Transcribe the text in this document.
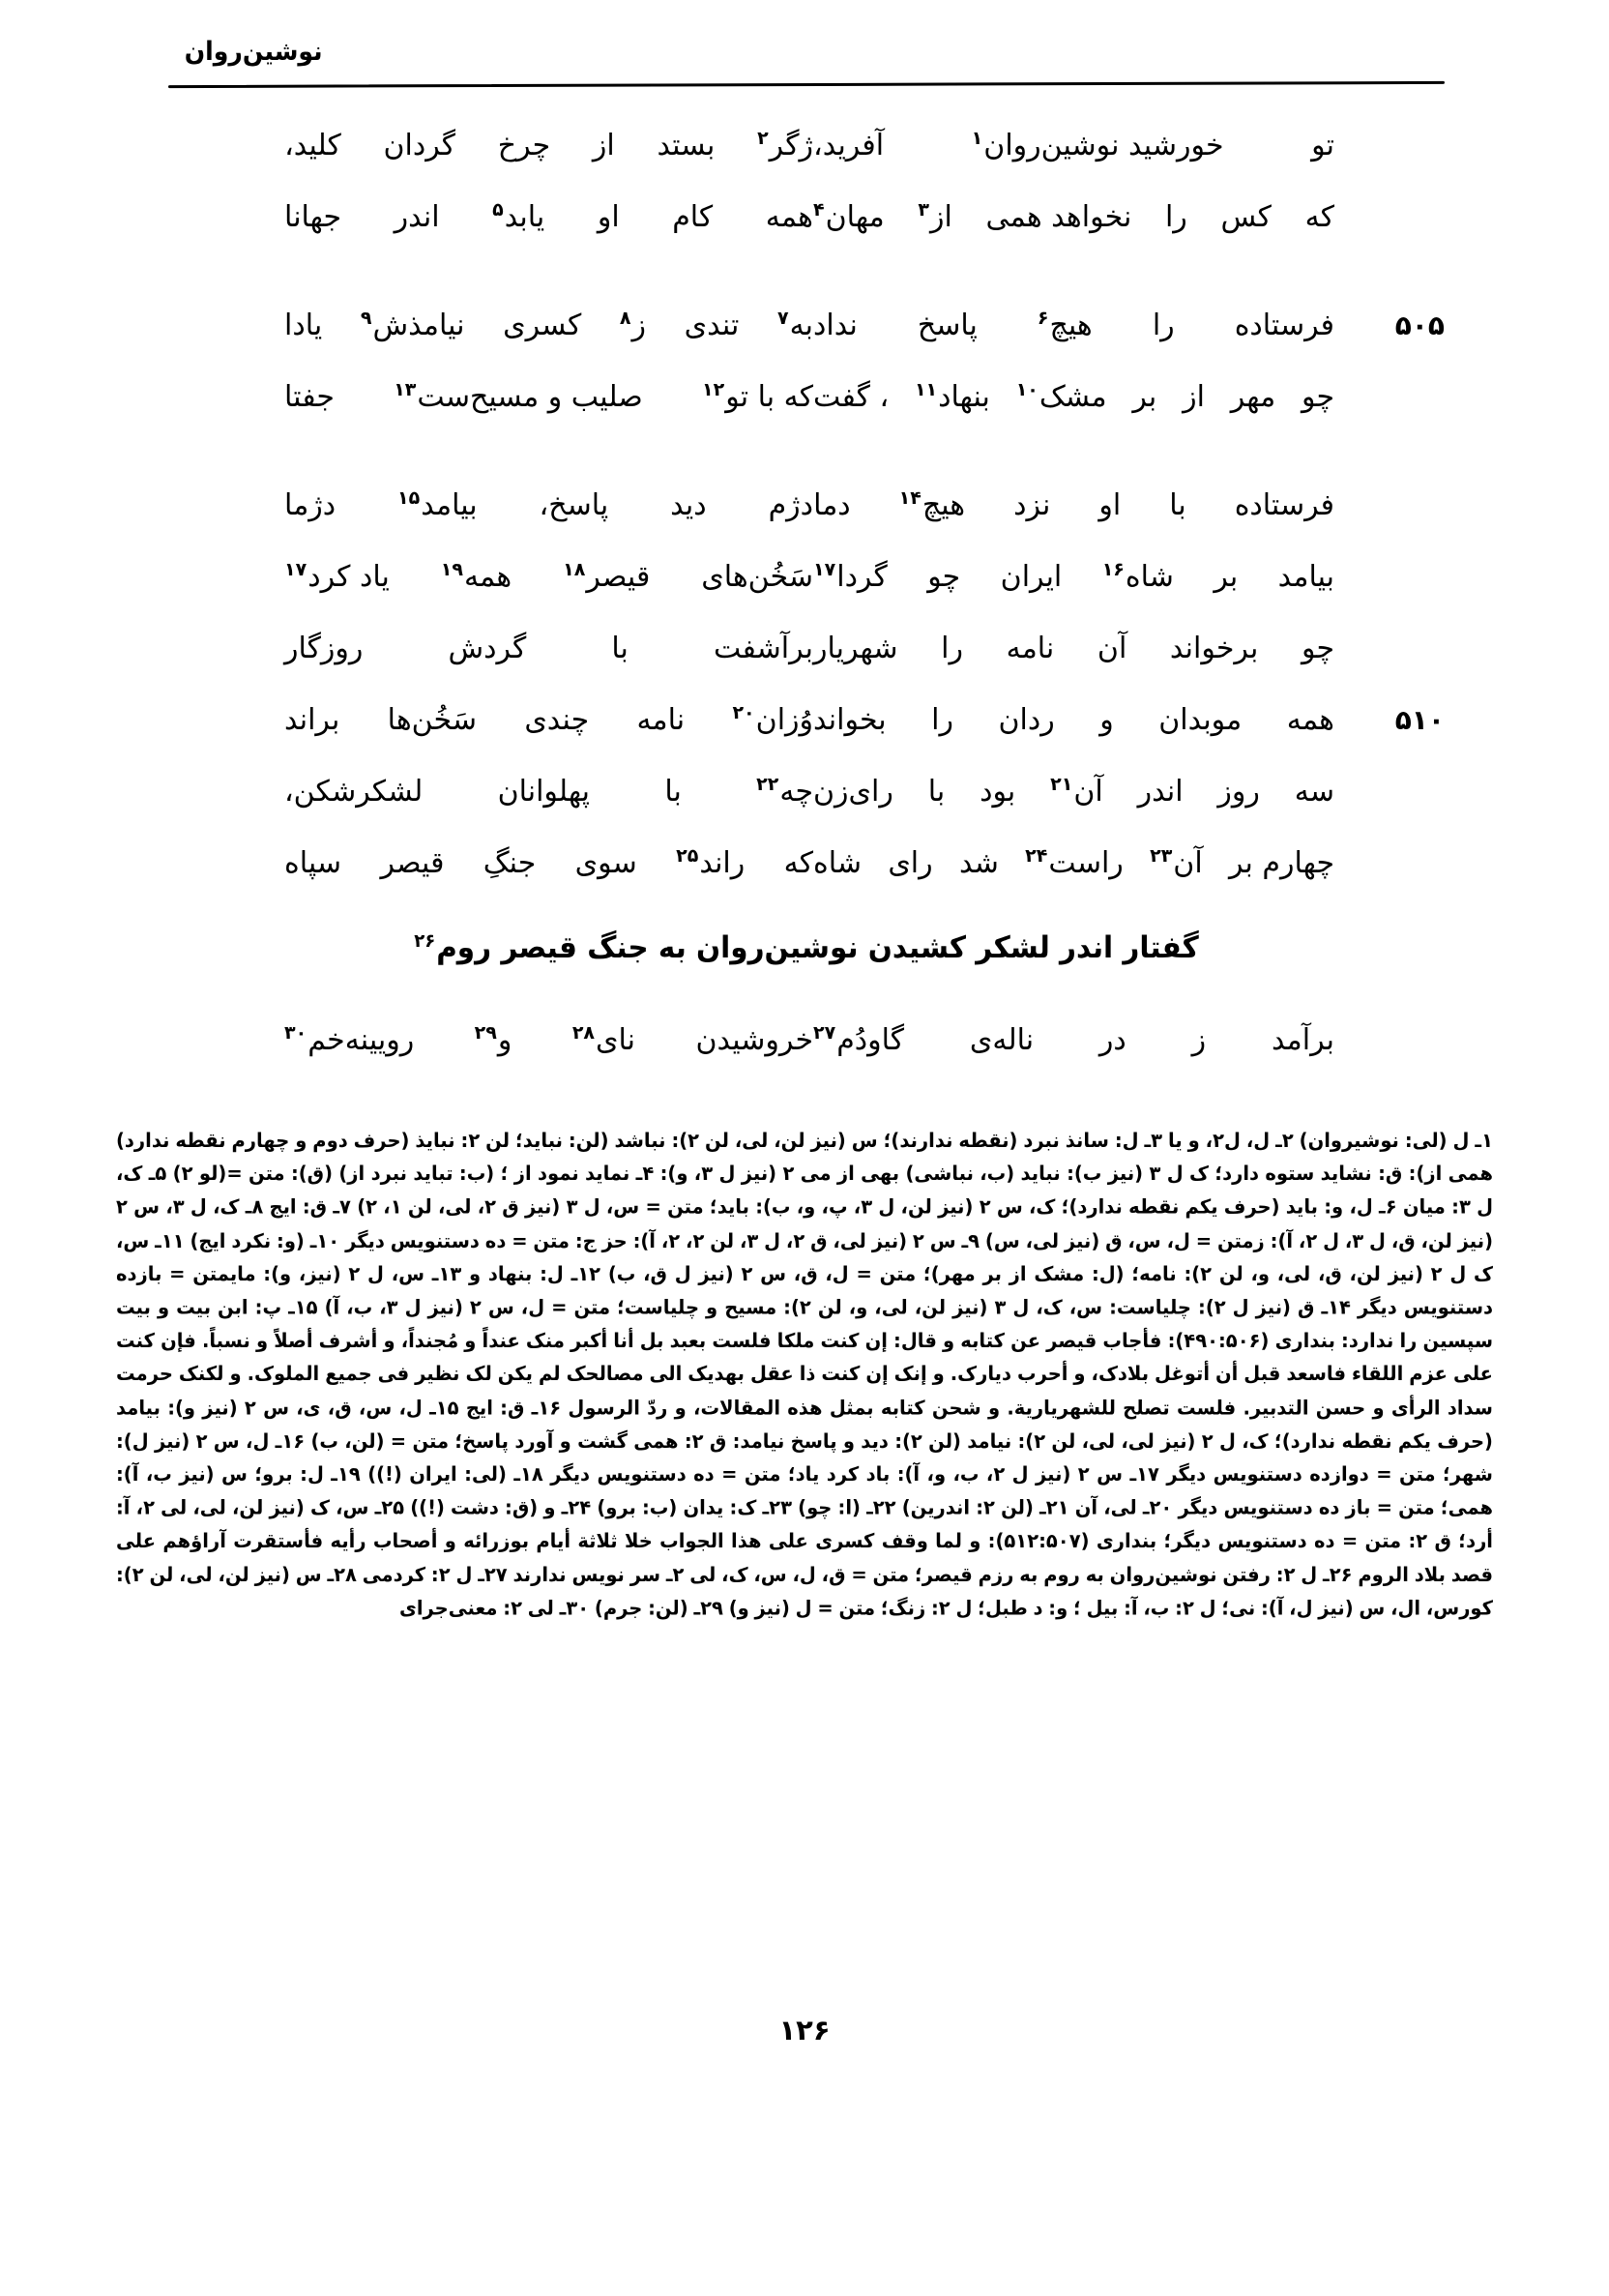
نوشین‌روان
تو
خورشید نوشین‌روان$^۱$
آفرید،
ژگر$^۲$
بستد
از
چرخ
گردان
کلید،
که
کس
را
نخواهد همی
از$^۳$
مهان$^۴$
همه
کام
او
یابد$^۵$
اندر
جهانا
۵۰۵
فرستاده
را
هیچ$^۶$
پاسخ
نداد
به$^۷$
تندی
ز$^۸$
کسری
نیامذش$^۹$
یادا
چو
مهر
از
بر
مشک$^{۱۰}$
بنهاد$^{۱۱}$
، گفت
که با تو$^{۱۲}$
صلیب و مسیح‌ست$^{۱۳}$
جفتا
فرستاده
با
او
نزد
هیچ$^{۱۴}$
دما
دژم
دید
پاسخ،
بیامد$^{۱۵}$
دژما
بیامد
بر
شاه$^{۱۶}$
ایران
چو
گردا$^{۱۷}$
سَخُن‌های
قیصر$^{۱۸}$
همه$^{۱۹}$
یاد کرد$^{۱۷}$
چو
برخواند
آن
نامه
را
شهریار
برآشفت
با
گردش
روزگار
۵۱۰
همه
موبدان
و
ردان
را
بخواند
وُزان$^{۲۰}$
نامه
چندی
سَخُن‌ها
براند
سه
روز
اندر
آن$^{۲۱}$
بود
با
رای‌زن
چه$^{۲۲}$
با
پهلوانان
لشکرشکن،
چهارم بر
آن$^{۲۳}$
راست$^{۲۴}$
شد
رای
شاه
که
راند$^{۲۵}$
سوی
جنگِ
قیصر
سپاه
گفتار اندر لشکر کشیدن نوشین‌روان به جنگ قیصر روم$^{۲۶}$
برآمد
ز
در
ناله‌ی
گاودُم$^{۲۷}$
خروشیدن
نای$^{۲۸}$
و$^{۲۹}$
رویینه‌خم$^{۳۰}$
۱ـ ل (لی: نوشیروان) ۲ـ ل، ل٢، و یا ۳ـ ل: سانذ نبرد (نقطه ندارند)؛ س (نیز لن، لی، لن ۲): نباشد (لن: نباید؛ لن ۲: نبایذ (حرف دوم و چهارم نقطه ندارد) همی از): ق: نشاید ستوه دارد؛ ک ل ۳ (نیز ب): نباید (ب، نباشی) بهی از می ۲ (نیز ل ۳، و): ۴ـ نماید نمود از ؛ (ب: تباید نبرد از) (ق): متن =(لو ۲) ۵ـ ک، ل ۳: میان ۶ـ ل، و: باید (حرف یکم نقطه ندارد)؛ ک، س ۲ (نیز لن، ل ۳، پ، و، ب): باید؛ متن = س، ل ۳ (نیز ق ۲، لی، لن ۱، ۲) ۷ـ ق: ایج ۸ـ ک، ل ۳، س ۲ (نیز لن، ق، ل ۳، ل ۲، آ): زمتن = ل، س، ق (نیز لی، س) ۹ـ س ۲ (نیز لی، ق ۲، ل ۳، لن ۲، ۲، آ): حز ج: متن = ده دستنویس دیگر ۱۰ـ (و: نکرد ایج) ۱۱ـ س، ک ل ۲ (نیز لن، ق، لی، و، لن ۲): نامه؛ (ل: مشک از بر مهر)؛ متن = ل، ق، س ۲ (نیز ل ق، ب) ۱۲ـ ل: بنهاد و ۱۳ـ س، ل ۲ (نیز، و): مایمتن = بازده دستنویس دیگر ۱۴ـ ق (نیز ل ۲): چلیاست: س، ک، ل ۳ (نیز لن، لی، و، لن ۲): مسیح و چلیاست؛ متن = ل، س ۲ (نیز ل ۳، ب، آ) ۱۵ـ پ: ابن بیت و بیت سپسین را ندارد: بنداری (۴۹۰:۵۰۶): فأجاب قیصر عن کتابه و قال: إن کنت ملکا فلست بعبد بل أنا أکبر منک عنداً و مُجنداً، و أشرف أصلاً و نسباً. فإن کنت علی عزم اللقاء فاسعد قبل أن أتوغل بلادک، و أحرب دیارک. و إنک إن کنت ذا عقل بهدیک الی مصالحک لم یکن لک نظیر فی جمیع الملوک. و لکنک حرمت سداد الرأی و حسن التدبیر. فلست تصلح للشهریاریة. و شحن کتابه بمثل هذه المقالات، و ردّ الرسول ۱۶ـ ق: ایج ۱۵ـ ل، س، ق، ی، س ۲ (نیز و): بیامد (حرف یکم نقطه ندارد)؛ ک، ل ۲ (نیز لی، لی، لن ۲): نیامد (لن ۲): دید و پاسخ نیامد: ق ۲: همی گشت و آورد پاسخ؛ متن = (لن، ب) ۱۶ـ ل، س ۲ (نیز ل): شهر؛ متن = دوازده دستنویس دیگر ۱۷ـ س ۲ (نیز ل ۲، ب، و، آ): باد کرد یاد؛ متن = ده دستنویس دیگر ۱۸ـ (لی: ایران (!)) ۱۹ـ ل: برو؛ س (نیز ب، آ): همی؛ متن = باز ده دستنویس دیگر ۲۰ـ لی، آن ۲۱ـ (لن ۲: اندرین) ۲۲ـ (ا: چو) ۲۳ـ ک: یدان (ب: برو) ۲۴ـ و (ق: دشت (!)) ۲۵ـ س، ک (نیز لن، لی، لی ۲، آ: أرد؛ ق ۲: متن = ده دستنویس دیگر؛ بنداری (۵۱۲:۵۰۷): و لما وقف کسری علی هذا الجواب خلا ثلاثة أیام بوزرائه و أصحاب رأیه فأستقرت آراؤهم علی قصد بلاد الروم ۲۶ـ ل ۲: رفتن نوشین‌روان به روم به رزم قیصر؛ متن = ق، ل، س، ک، لی ۲ـ سر نویس ندارند ۲۷ـ ل ۲: کردمی ۲۸ـ س (نیز لن، لی، لن ۲): کورس، ال، س (نیز ل، آ): نی؛ ل ۲: ب، آ: بیل ؛ و: د طبل؛ ل ۲: زنگ؛ متن = ل (نیز و) ۲۹ـ (لن: جرم) ۳۰ـ لی ۲: معنی‌جرای
۱۲۶
